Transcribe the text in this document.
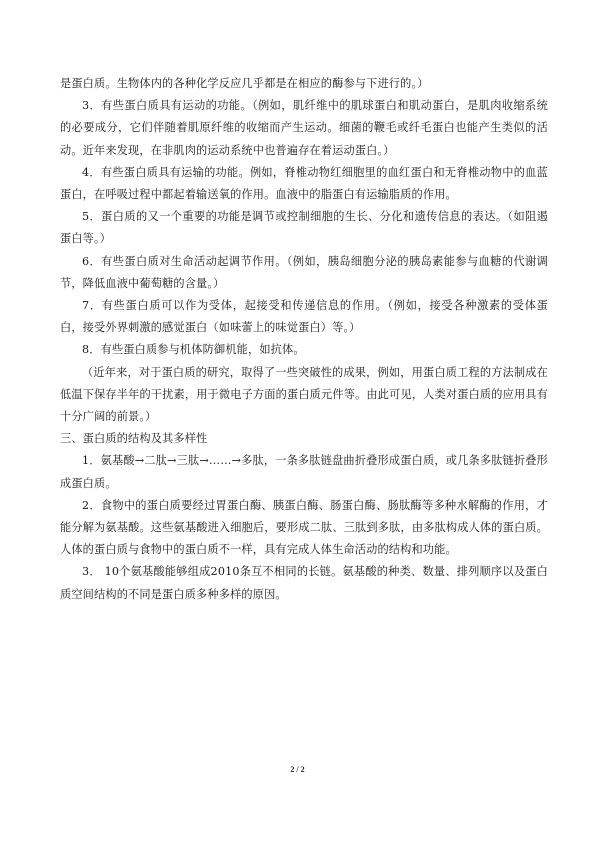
是蛋白质。生物体内的各种化学反应几乎都是在相应的酶参与下进行的。）

3．有些蛋白质具有运动的功能。（例如，肌纤维中的肌球蛋白和肌动蛋白，是肌肉收缩系统的必要成分，它们伴随着肌原纤维的收缩而产生运动。细菌的鞭毛或纤毛蛋白也能产生类似的活动。近年来发现，在非肌肉的运动系统中也普遍存在着运动蛋白。）

4．有些蛋白质具有运输的功能。例如，脊椎动物红细胞里的血红蛋白和无脊椎动物中的血蓝蛋白，在呼吸过程中都起着输送氧的作用。血液中的脂蛋白有运输脂质的作用。

5．蛋白质的又一个重要的功能是调节或控制细胞的生长、分化和遗传信息的表达。（如阻遏蛋白等。）

6．有些蛋白质对生命活动起调节作用。（例如，胰岛细胞分泌的胰岛素能参与血糖的代谢调节，降低血液中葡萄糖的含量。）

7．有些蛋白质可以作为受体，起接受和传递信息的作用。（例如，接受各种激素的受体蛋白，接受外界刺激的感觉蛋白（如味蕾上的味觉蛋白）等。）

8．有些蛋白质参与机体防御机能，如抗体。

（近年来，对于蛋白质的研究，取得了一些突破性的成果，例如，用蛋白质工程的方法制成在低温下保存半年的干扰素，用于微电子方面的蛋白质元件等。由此可见，人类对蛋白质的应用具有十分广阔的前景。）

三、蛋白质的结构及其多样性

1．氨基酸→二肽→三肽→……→多肽，一条多肽链盘曲折叠形成蛋白质，或几条多肽链折叠形成蛋白质。

2．食物中的蛋白质要经过胃蛋白酶、胰蛋白酶、肠蛋白酶、肠肽酶等多种水解酶的作用，才能分解为氨基酸。这些氨基酸进入细胞后，要形成二肽、三肽到多肽，由多肽构成人体的蛋白质。人体的蛋白质与食物中的蛋白质不一样，具有完成人体生命活动的结构和功能。

3． 10个氨基酸能够组成2010条互不相同的长链。氨基酸的种类、数量、排列顺序以及蛋白质空间结构的不同是蛋白质多种多样的原因。

2 / 2
